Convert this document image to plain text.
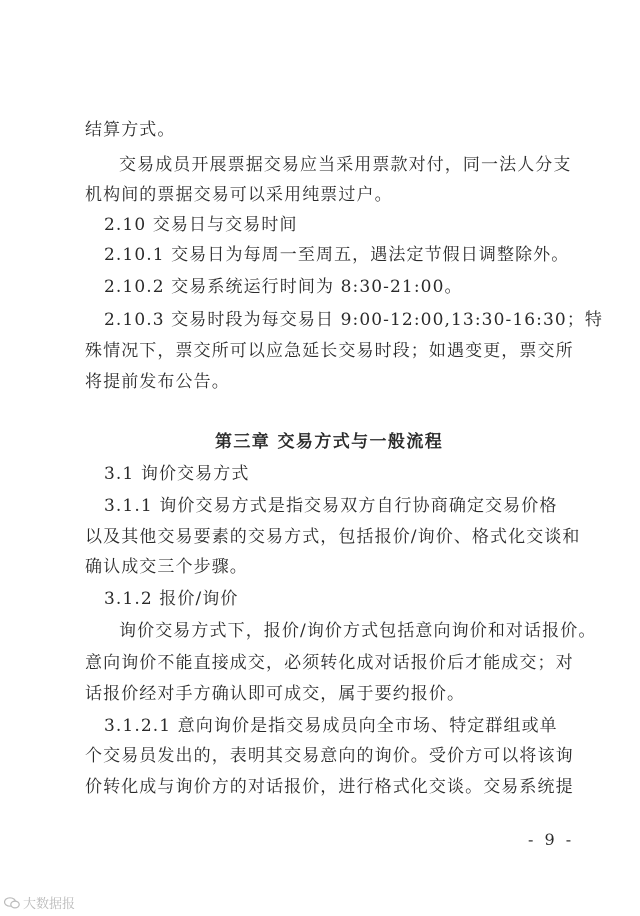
结算方式。
交易成员开展票据交易应当采用票款对付，同一法人分支
机构间的票据交易可以采用纯票过户。
2.10 交易日与交易时间
2.10.1 交易日为每周一至周五，遇法定节假日调整除外。
2.10.2 交易系统运行时间为 8:30-21:00。
2.10.3 交易时段为每交易日 9:00-12:00,13:30-16:30；特
殊情况下，票交所可以应急延长交易时段；如遇变更，票交所
将提前发布公告。
第三章 交易方式与一般流程
3.1 询价交易方式
3.1.1 询价交易方式是指交易双方自行协商确定交易价格
以及其他交易要素的交易方式，包括报价/询价、格式化交谈和
确认成交三个步骤。
3.1.2 报价/询价
询价交易方式下，报价/询价方式包括意向询价和对话报价。
意向询价不能直接成交，必须转化成对话报价后才能成交；对
话报价经对手方确认即可成交，属于要约报价。
3.1.2.1 意向询价是指交易成员向全市场、特定群组或单
个交易员发出的，表明其交易意向的询价。受价方可以将该询
价转化成与询价方的对话报价，进行格式化交谈。交易系统提
- 9 -
大数据报
